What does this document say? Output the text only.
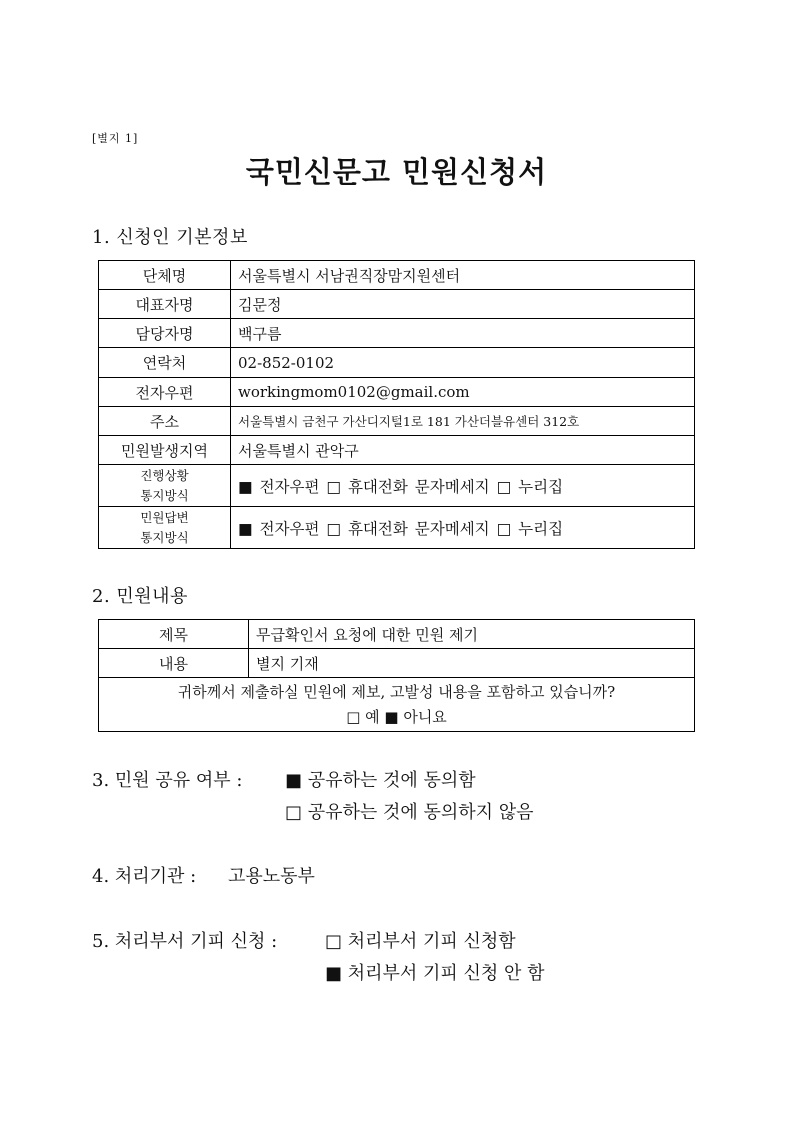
[별지 1]
국민신문고 민원신청서
1. 신청인 기본정보
단체명	서울특별시 서남권직장맘지원센터
대표자명	김문정
담당자명	백구름
연락처	02-852-0102
전자우편	workingmom0102@gmail.com
주소	서울특별시 금천구 가산디지털1로 181 가산더블유센터 312호
민원발생지역	서울특별시 관악구

진행상황
통지방식	■ 전자우편 □ 휴대전화 문자메세지 □ 누리집

민원답변
통지방식	■ 전자우편 □ 휴대전화 문자메세지 □ 누리집
2. 민원내용
제목	무급확인서 요청에 대한 민원 제기
내용	별지 기재

귀하께서 제출하실 민원에 제보, 고발성 내용을 포함하고 있습니까?
□ 예 ■ 아니요	
3. 민원 공유 여부 : ■ 공유하는 것에 동의함
□ 공유하는 것에 동의하지 않음
4. 처리기관 : 고용노동부
5. 처리부서 기피 신청 :	□ 처리부서 기피 신청함
■ 처리부서 기피 신청 안 함
